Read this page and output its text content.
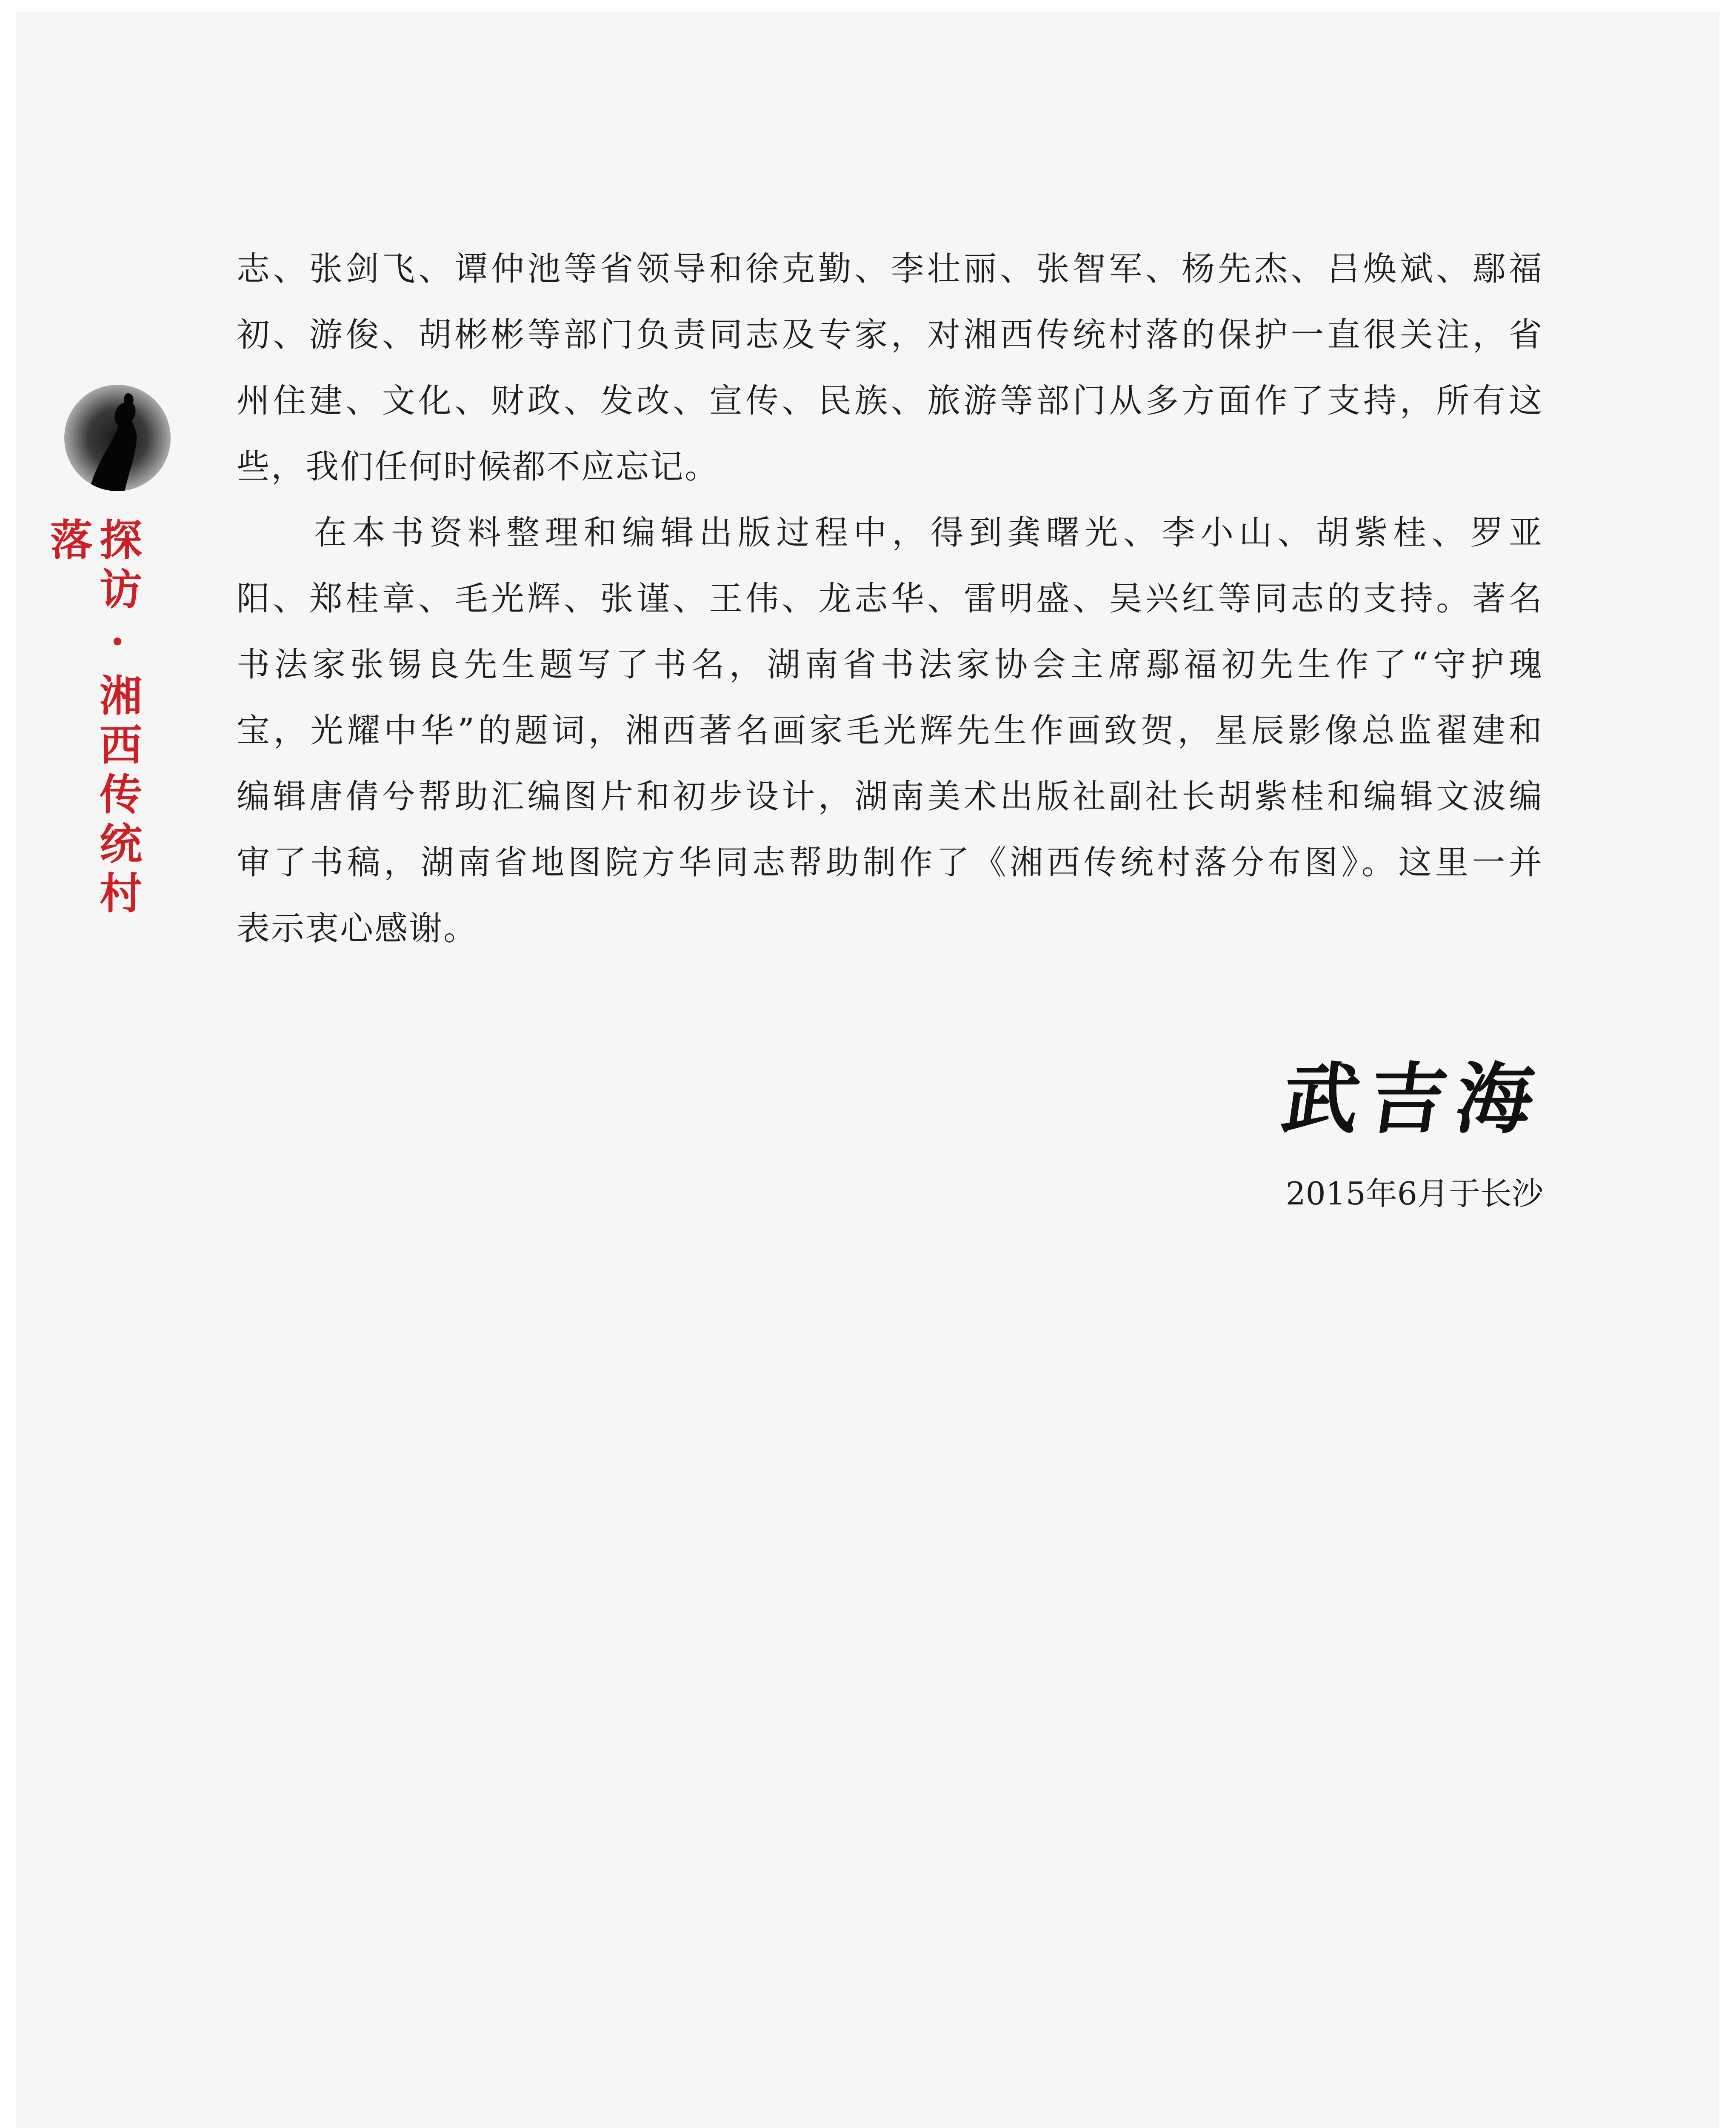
探访·湘西传统村落
志、张剑飞、谭仲池等省领导和徐克勤、李壮丽、张智军、杨先杰、吕焕斌、鄢福
初、游俊、胡彬彬等部门负责同志及专家，对湘西传统村落的保护一直很关注，省
州住建、文化、财政、发改、宣传、民族、旅游等部门从多方面作了支持，所有这
些，我们任何时候都不应忘记。
在本书资料整理和编辑出版过程中，得到龚曙光、李小山、胡紫桂、罗亚
阳、郑桂章、毛光辉、张谨、王伟、龙志华、雷明盛、吴兴红等同志的支持。著名
书法家张锡良先生题写了书名，湖南省书法家协会主席鄢福初先生作了“守护瑰
宝，光耀中华”的题词，湘西著名画家毛光辉先生作画致贺，星辰影像总监翟建和
编辑唐倩兮帮助汇编图片和初步设计，湖南美术出版社副社长胡紫桂和编辑文波编
审了书稿，湖南省地图院方华同志帮助制作了《湘西传统村落分布图》。这里一并
表示衷心感谢。
武吉海
2015年6月于长沙
